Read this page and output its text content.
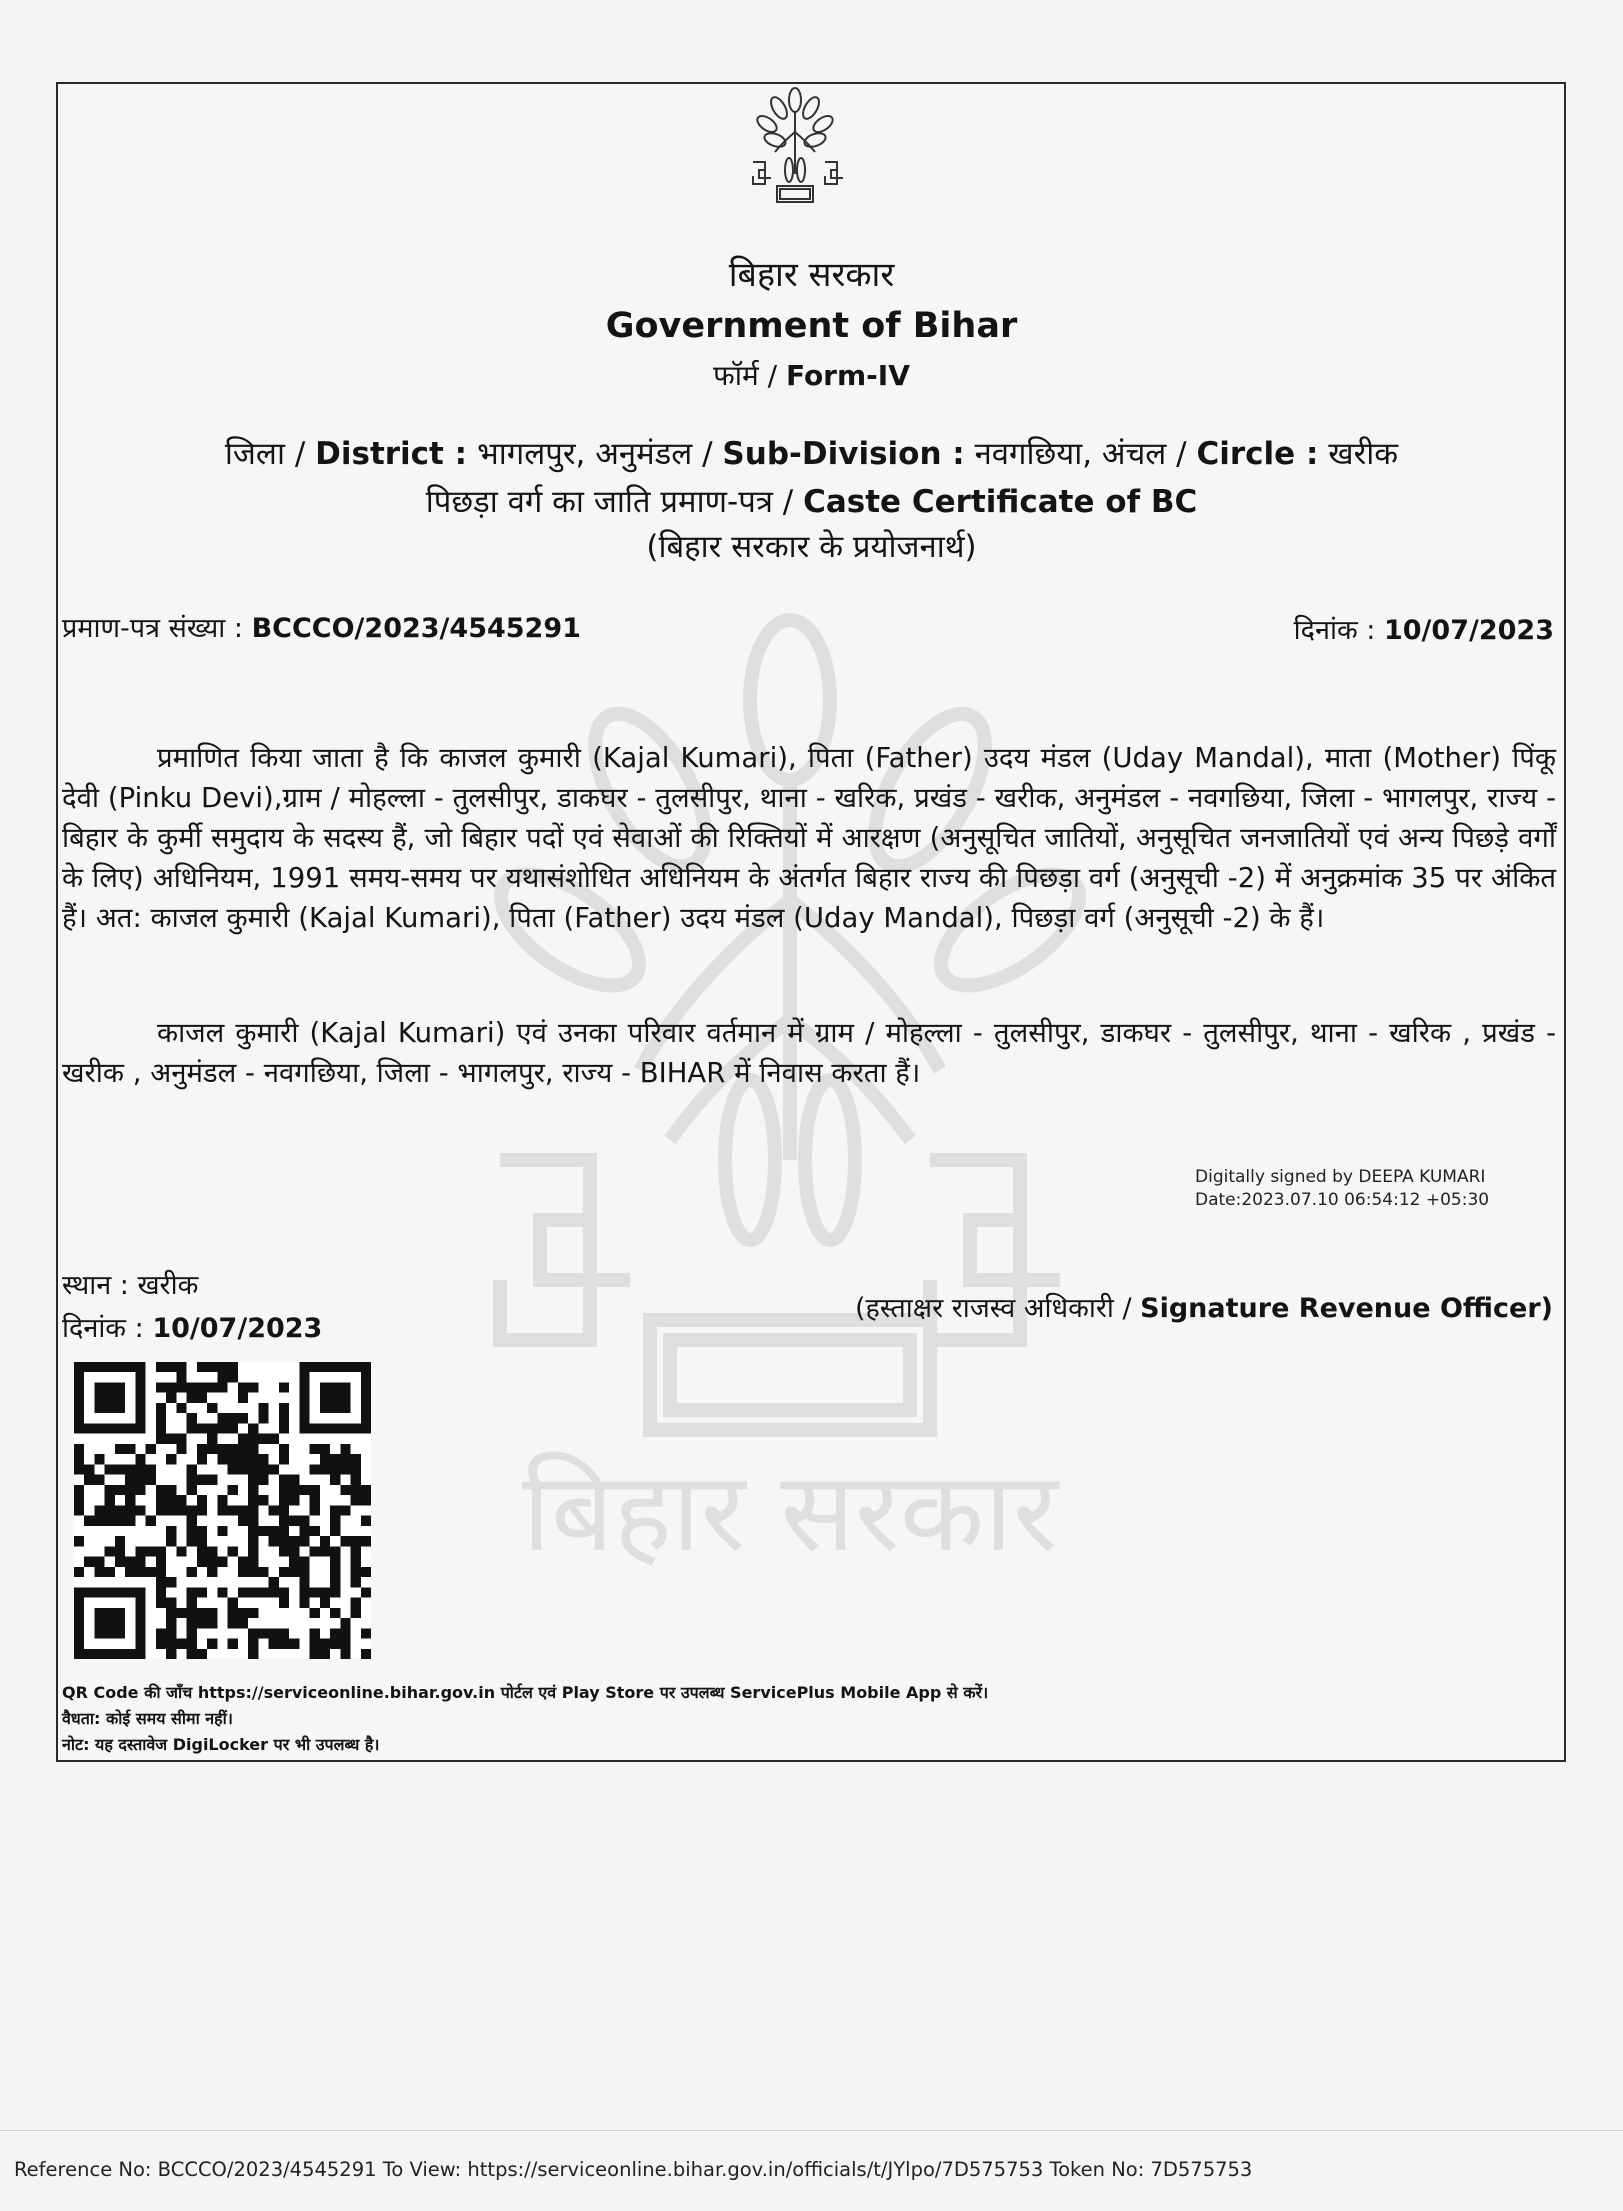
बिहार सरकार
बिहार सरकार
Government of Bihar
फॉर्म / Form-IV
जिला / District : भागलपुर, अनुमंडल / Sub-Division : नवगछिया, अंचल / Circle : खरीक
पिछड़ा वर्ग का जाति प्रमाण-पत्र / Caste Certificate of BC
(बिहार सरकार के प्रयोजनार्थ)
प्रमाण-पत्र संख्या : BCCCO/2023/4545291	दिनांक : 10/07/2023
प्रमाणित किया जाता है कि काजल कुमारी (Kajal Kumari), पिता (Father) उदय मंडल (Uday Mandal), माता (Mother) पिंकू देवी (Pinku Devi),ग्राम / मोहल्ला - तुलसीपुर, डाकघर - तुलसीपुर, थाना - खरिक, प्रखंड - खरीक, अनुमंडल - नवगछिया, जिला - भागलपुर, राज्य - बिहार के कुर्मी समुदाय के सदस्य हैं, जो बिहार पदों एवं सेवाओं की रिक्तियों में आरक्षण (अनुसूचित जातियों, अनुसूचित जनजातियों एवं अन्य पिछड़े वर्गों के लिए) अधिनियम, 1991 समय-समय पर यथासंशोधित अधिनियम के अंतर्गत बिहार राज्य की पिछड़ा वर्ग (अनुसूची -2) में अनुक्रमांक 35 पर अंकित हैं। अत: काजल कुमारी (Kajal Kumari), पिता (Father) उदय मंडल (Uday Mandal), पिछड़ा वर्ग (अनुसूची -2) के हैं।
काजल कुमारी (Kajal Kumari) एवं उनका परिवार वर्तमान में ग्राम / मोहल्ला - तुलसीपुर, डाकघर - तुलसीपुर, थाना - खरिक , प्रखंड - खरीक , अनुमंडल - नवगछिया, जिला - भागलपुर, राज्य - BIHAR में निवास करता हैं।
Digitally signed by DEEPA KUMARI
Date:2023.07.10 06:54:12 +05:30
स्थान : खरीक
दिनांक : 10/07/2023
(हस्ताक्षर राजस्व अधिकारी / Signature Revenue Officer)
QR Code की जाँच https://serviceonline.bihar.gov.in पोर्टल एवं Play Store पर उपलब्ध ServicePlus Mobile App से करें।
वैधता: कोई समय सीमा नहीं।
नोट: यह दस्तावेज DigiLocker पर भी उपलब्ध है।
Reference No: BCCCO/2023/4545291 To View: https://serviceonline.bihar.gov.in/officials/t/JYlpo/7D575753 Token No: 7D575753
